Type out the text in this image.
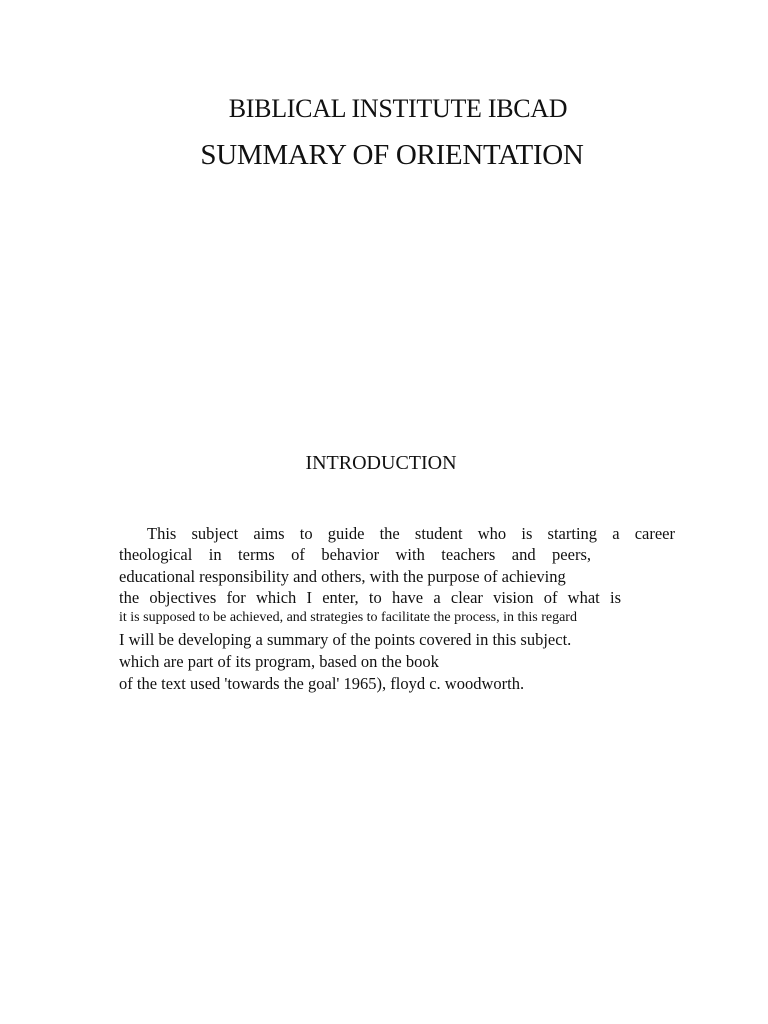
BIBLICAL INSTITUTE IBCAD
SUMMARY OF ORIENTATION
INTRODUCTION
This subject aims to guide the student who is starting a career
theological in terms of behavior with teachers and peers,
educational responsibility and others, with the purpose of achieving
the objectives for which I enter, to have a clear vision of what is
it is supposed to be achieved, and strategies to facilitate the process, in this regard
I will be developing a summary of the points covered in this subject.
which are part of its program, based on the book
of the text used 'towards the goal' 1965), floyd c. woodworth.
